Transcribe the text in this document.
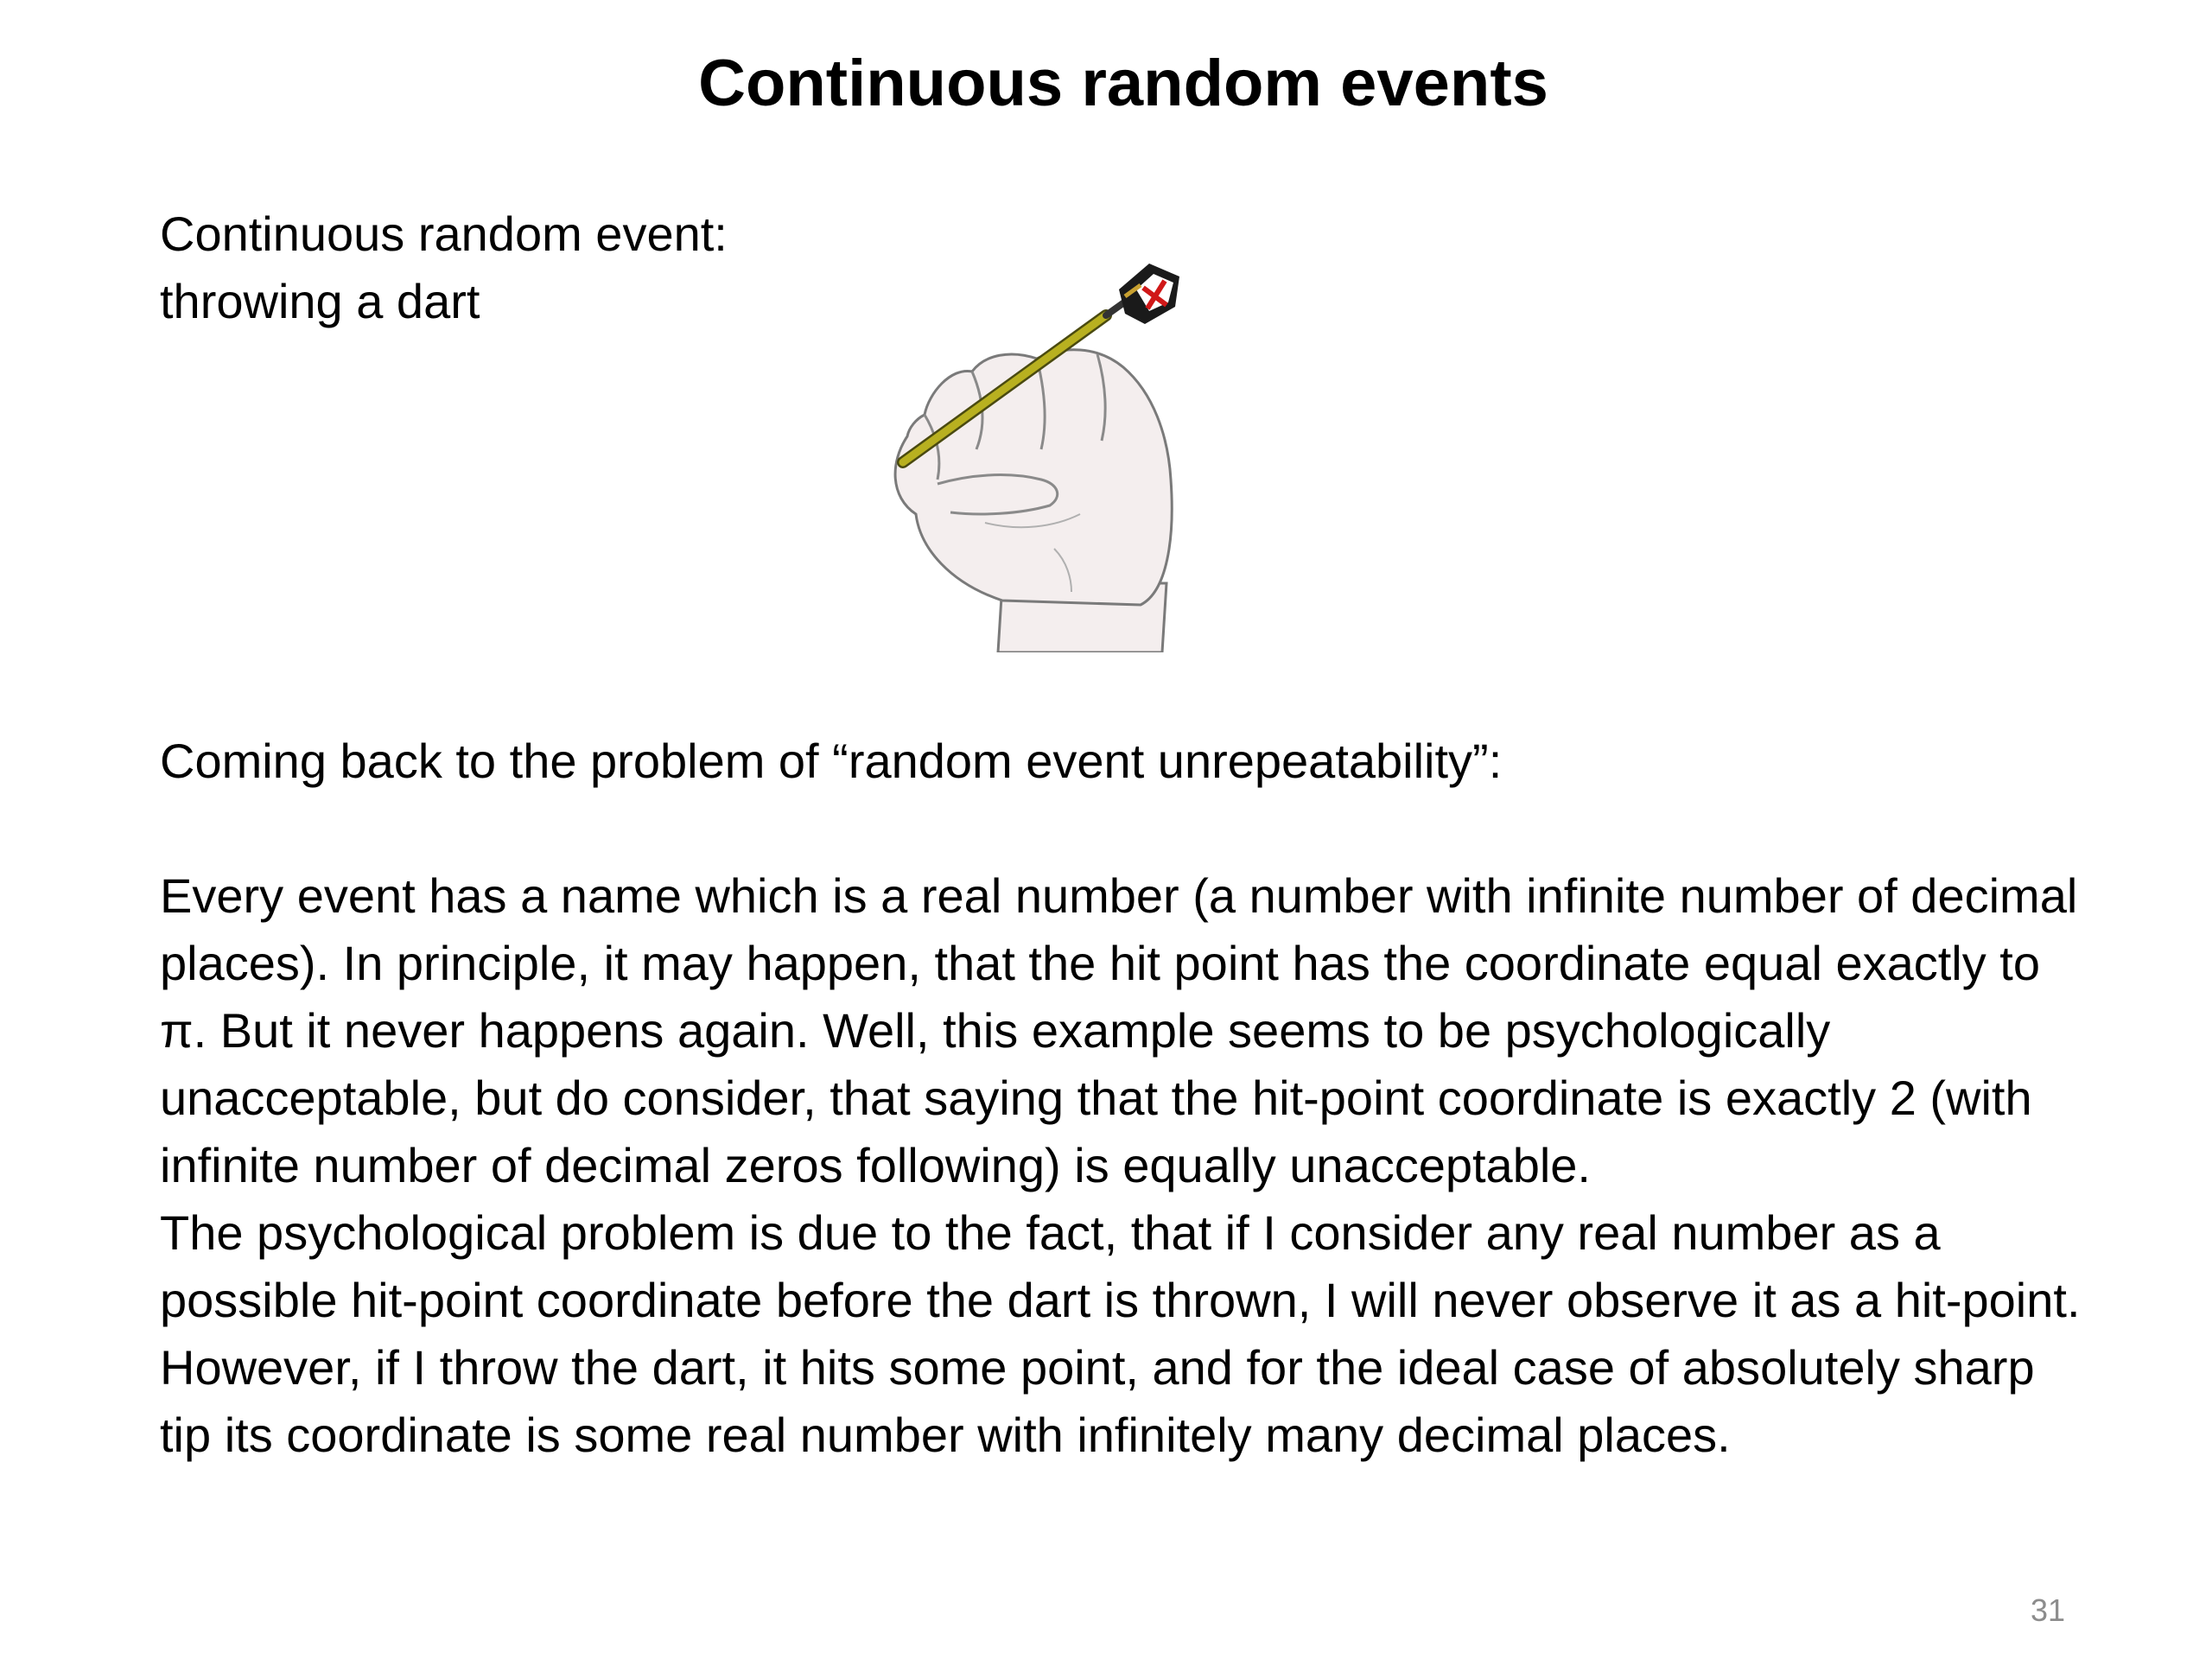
Continuous random events
Continuous random event:
throwing a dart

Coming back to the problem of “random event unrepeatability”:

Every event has a name which is a real number (a number with infinite number of decimal places). In principle, it may happen, that the hit point has the coordinate equal exactly to π. But it never happens again. Well, this example seems to be psychologically unacceptable, but do consider, that saying that the hit-point coordinate is exactly 2 (with infinite number of decimal zeros following) is equally unacceptable.

The psychological problem is due to the fact, that if I consider any real number as a possible hit-point coordinate before the dart is thrown, I will never observe it as a hit-point. However, if I throw the dart, it hits some point, and for the ideal case of absolutely sharp tip its coordinate is some real number with infinitely many decimal places.

31
